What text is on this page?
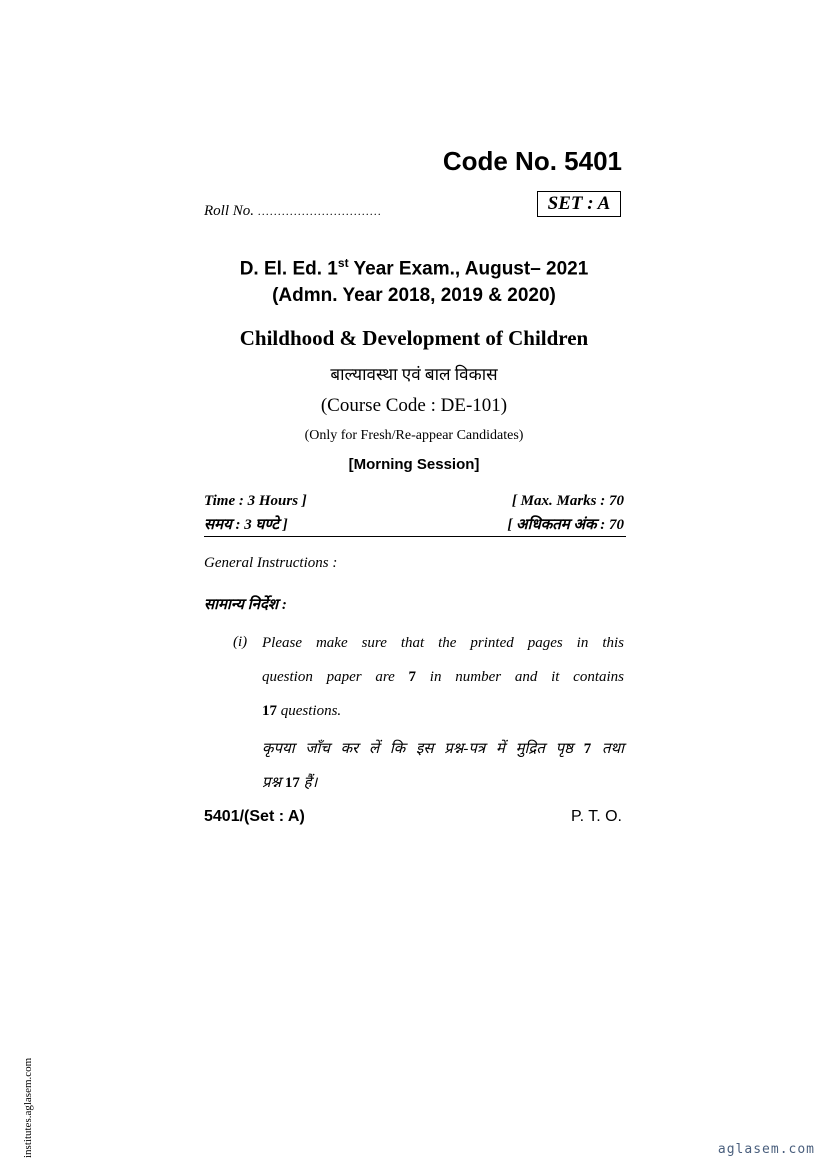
Code No. 5401
Roll No. ...............................	SET : A
D. El. Ed. 1st Year Exam., August– 2021
(Admn. Year 2018, 2019 & 2020)
Childhood & Development of Children
बाल्यावस्था एवं बाल विकास
(Course Code : DE-101)
(Only for Fresh/Re-appear Candidates)
[Morning Session]
Time : 3 Hours ]	[ Max. Marks : 70
समय : 3 घण्टे ]	[ अधिकतम अंक : 70
General Instructions :
सामान्य निर्देश :
(i) Please make sure that the printed pages in this
question paper are 7 in number and it contains
17 questions.
कृपया जाँच कर लें कि इस प्रश्न-पत्र में मुद्रित पृष्ठ 7 तथा
प्रश्न 17 हैं।
5401/(Set : A)	P. T. O.
institutes.aglasem.com	aglasem.com
